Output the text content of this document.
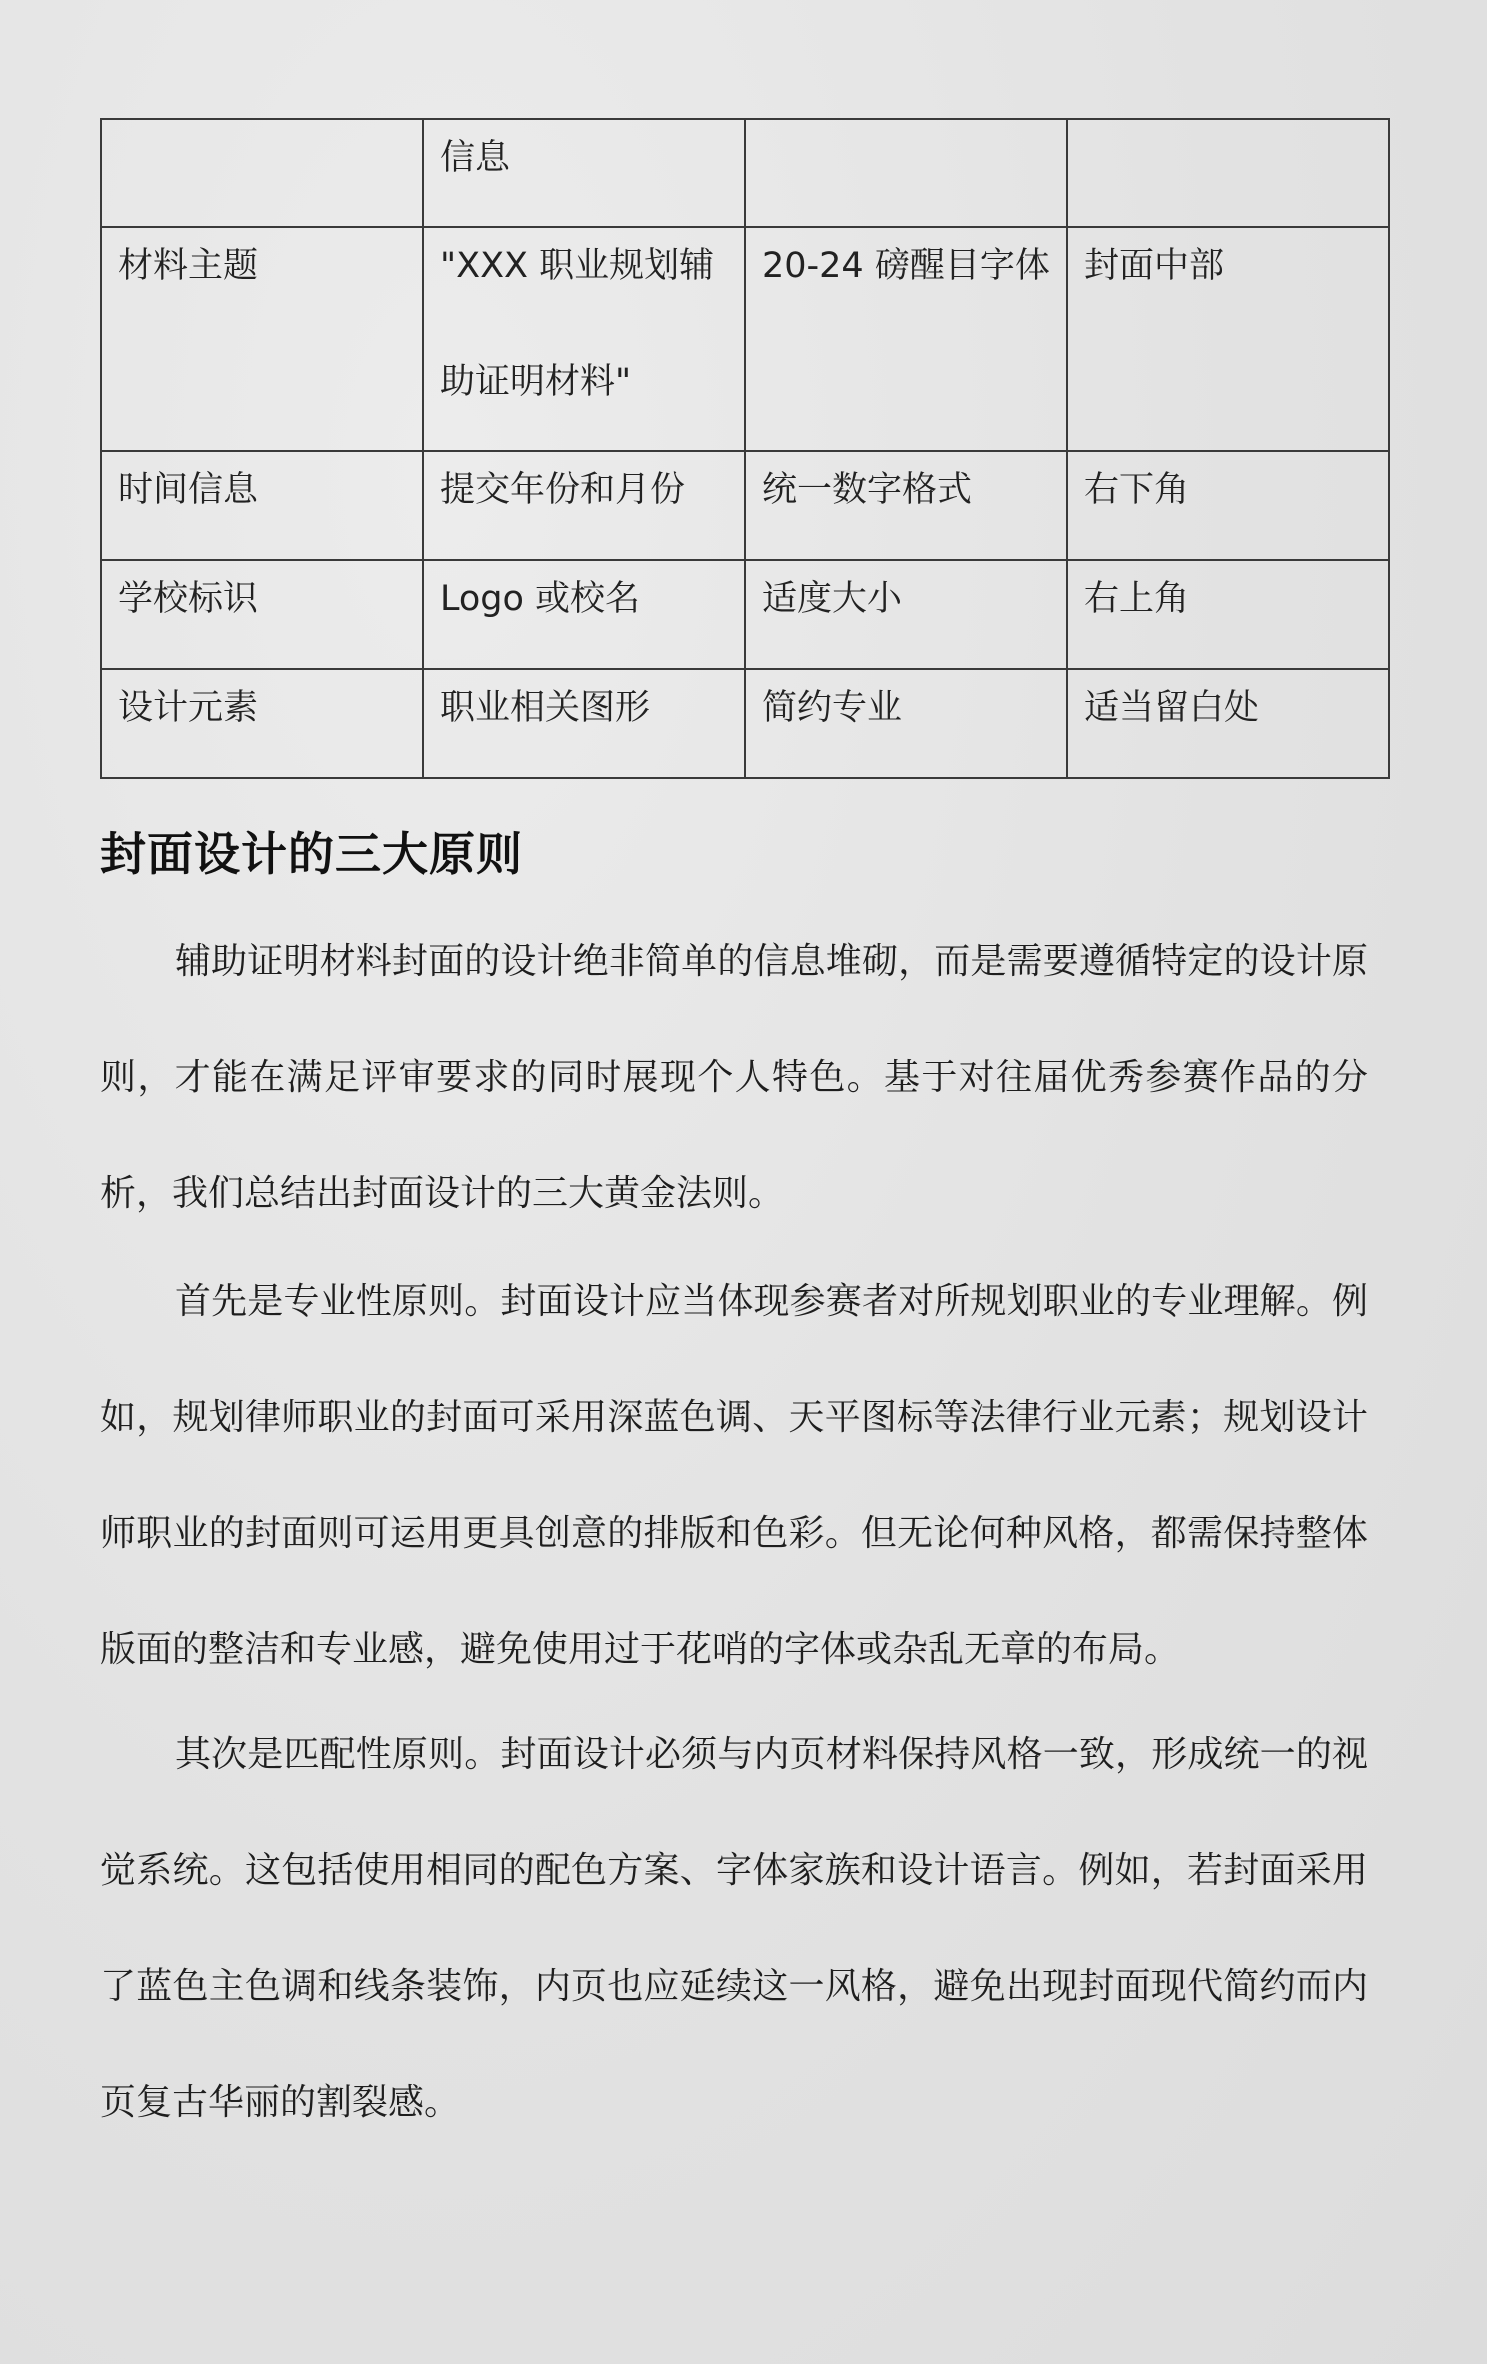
	信息		

材料主题	"XXX 职业规划辅助证明材料"	20-24 磅醒目字体	封面中部

时间信息	提交年份和月份	统一数字格式	右下角

学校标识	Logo 或校名	适度大小	右上角

设计元素	职业相关图形	简约专业	适当留白处
封面设计的三大原则

辅助证明材料封面的设计绝非简单的信息堆砌，而是需要遵循特定的设计原则，才能在满足评审要求的同时展现个人特色。基于对往届优秀参赛作品的分析，我们总结出封面设计的三大黄金法则。

首先是专业性原则。封面设计应当体现参赛者对所规划职业的专业理解。例如，规划律师职业的封面可采用深蓝色调、天平图标等法律行业元素；规划设计师职业的封面则可运用更具创意的排版和色彩。但无论何种风格，都需保持整体版面的整洁和专业感，避免使用过于花哨的字体或杂乱无章的布局。

其次是匹配性原则。封面设计必须与内页材料保持风格一致，形成统一的视觉系统。这包括使用相同的配色方案、字体家族和设计语言。例如，若封面采用了蓝色主色调和线条装饰，内页也应延续这一风格，避免出现封面现代简约而内页复古华丽的割裂感。
